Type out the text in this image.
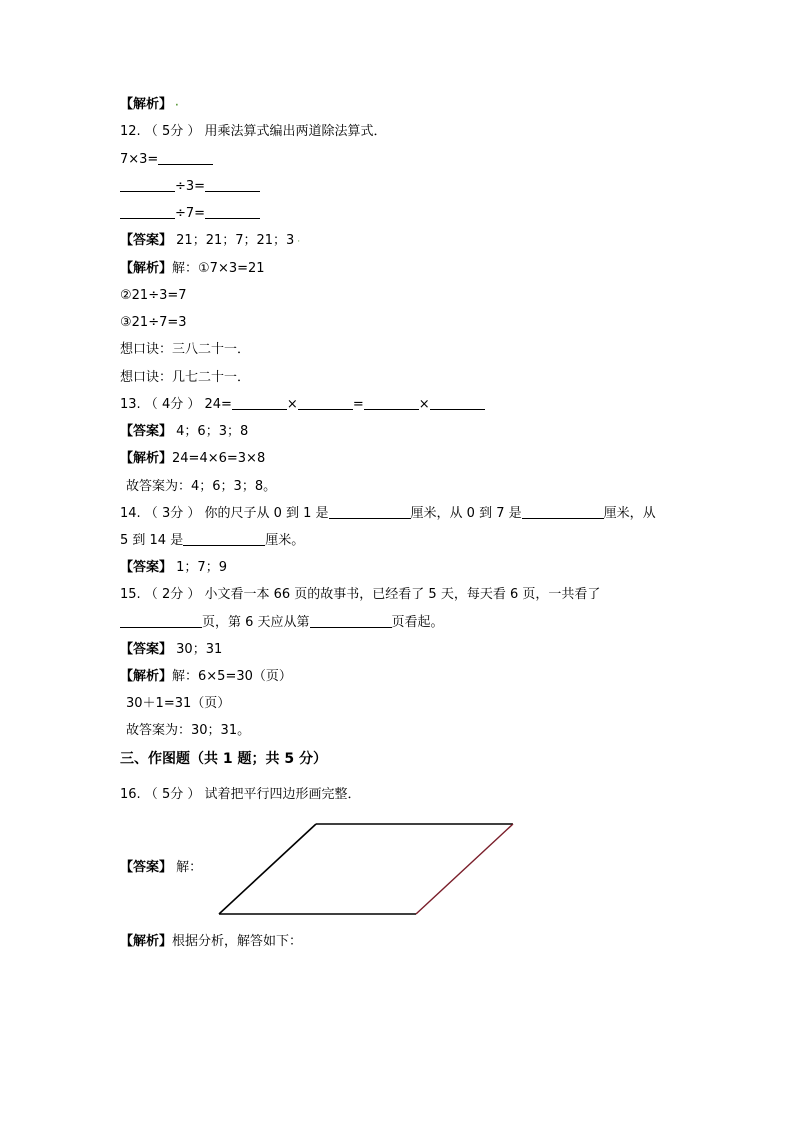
【解析】 ·
12. （ 5分 ） 用乘法算式编出两道除法算式．
7×3=
÷3=
÷7=
【答案】 21；21；7；21；3 ·
【解析】解：①7×3=21
②21÷3=7
③21÷7=3
想口诀：三八二十一．
想口诀：几七二十一．
13. （ 4分 ） 24=	×	=	×
【答案】 4；6；3；8
【解析】24=4×6=3×8
故答案为：4；6；3；8。
14. （ 3分 ） 你的尺子从 0 到 1 是	厘米，从 0 到 7 是	厘米，从
5 到 14 是	厘米。
【答案】 1；7；9
15. （ 2分 ） 小文看一本 66 页的故事书，已经看了 5 天，每天看 6 页，一共看了
页，第 6 天应从第	页看起。
【答案】 30；31
【解析】解：6×5=30（页）
30＋1=31（页）
故答案为：30；31。
三、作图题（共 1 题；共 5 分）
16. （ 5分 ） 试着把平行四边形画完整．
【答案】 解：
【解析】根据分析，解答如下：
